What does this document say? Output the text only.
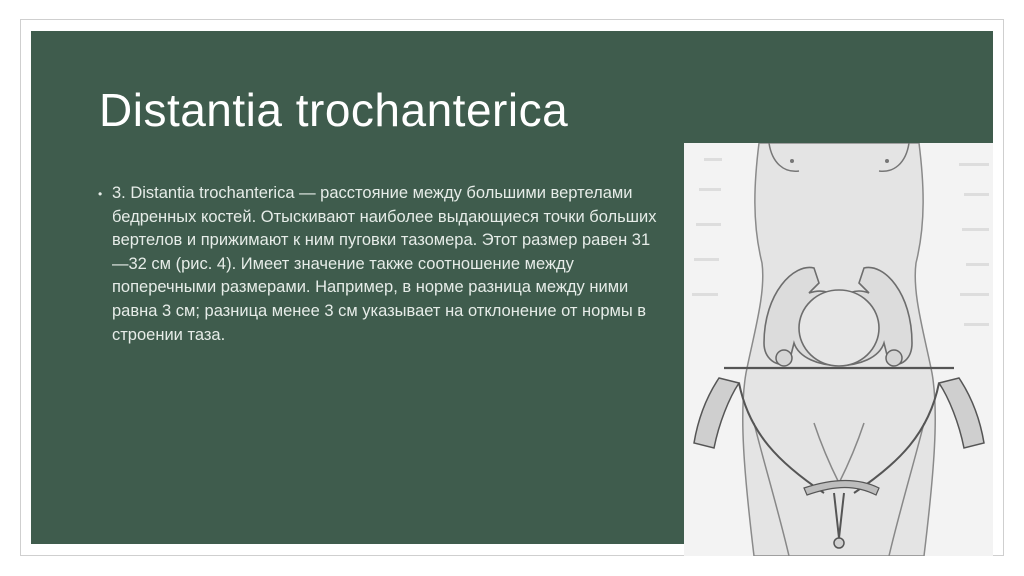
Distantia trochanterica
• 3. Distantia trochanterica — расстояние между большими вертелами бедренных костей. Отыскивают наиболее выдающиеся точки больших вертелов и прижимают к ним пуговки тазомера. Этот размер равен 31—32 см (рис. 4). Имеет значение также соотношение между поперечными размерами. Например, в норме разница между ними равна 3 см; разница менее 3 см указывает на отклонение от нормы в строении таза.
